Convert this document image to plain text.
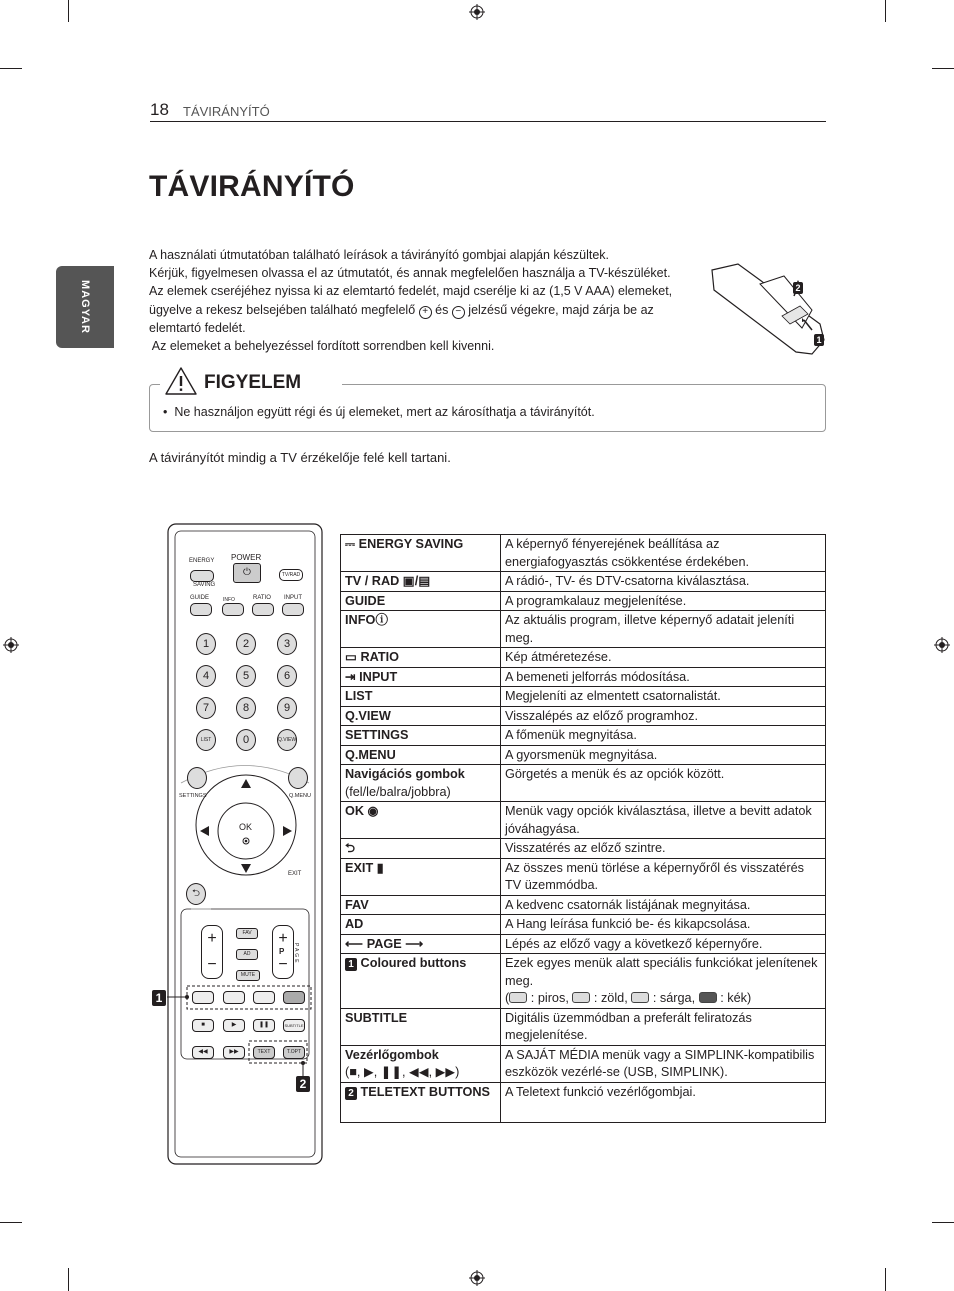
18 TÁVIRÁNYÍTÓ
TÁVIRÁNYÍTÓ
MAGYAR

A használati útmutatóban található leírások a távirányító gombjai alapján készültek.

Kérjük, figyelmesen olvassa el az útmutatót, és annak megfelelően használja a TV-készüléket.

Az elemek cseréjéhez nyissa ki az elemtartó fedelét, majd cserélje ki az (1,5 V AAA) elemeket,

ügyelve a rekesz belsejében található megfelelő + és − jelzésű végekre, majd zárja be az

elemtartó fedelét.

Az elemeket a behelyezéssel fordított sorrendben kell kivenni.

2
1
FIGYELEM
• Ne használjon együtt régi és új elemeket, mert az károsíthatja a távirányítót.
A távirányítót mindig a TV érzékelője felé kell tartani.
ENERGY
SAVING
POWER
⏻	TV/RAD
GUIDE	INFO	RATIO INPUT
1	2	3
4	5	6
7	8	9
LIST	0	Q.VIEW
SETTINGS	Q.MENU
OK
EXIT
⮌
+
−
FAV
AD
MUTE
+
−
P PAGE
■	▶	❚❚	SUBTITLE
◀◀	▶▶	TEXT	T.OPT
1
2
⎓ ENERGY SAVING	A képernyő fényerejének beállítása az energiafogyasztás csökkentése érdekében.
TV / RAD ▣/▤	A rádió-, TV- és DTV-csatorna kiválasztása.
GUIDE	A programkalauz megjelenítése.
INFOⓘ	Az aktuális program, illetve képernyő adatait jeleníti meg.
▭ RATIO	Kép átméretezése.
⇥ INPUT	A bemeneti jelforrás módosítása.
LIST	Megjeleníti az elmentett csatornalistát.
Q.VIEW	Visszalépés az előző programhoz.
SETTINGS	A főmenük megnyitása.
Q.MENU	A gyorsmenük megnyitása.
Navigációs gombok
(fel/le/balra/jobbra)	Görgetés a menük és az opciók között.
OK ◉	Menük vagy opciók kiválasztása, illetve a bevitt adatok jóváhagyása.
⮌	Visszatérés az előző szintre.
EXIT ▮	Az összes menü törlése a képernyőről és visszatérés TV üzemmódba.
FAV	A kedvenc csatornák listájának megnyitása.
AD	A Hang leírása funkció be- és kikapcsolása.
⟵ PAGE ⟶	Lépés az előző vagy a következő képernyőre.
1 Coloured buttons	Ezek egyes menük alatt speciális funkciókat jelenítenek meg.
( : piros, : zöld, : sárga, : kék)
SUBTITLE	Digitális üzemmódban a preferált feliratozás megjelenítése.
Vezérlőgombok
(■, ▶, ❚❚, ◀◀, ▶▶)	A SAJÁT MÉDIA menük vagy a SIMPLINK-kompatibilis eszközök vezérlé-se (USB, SIMPLINK).
2 TELETEXT BUTTONS	A Teletext funkció vezérlőgombjai.
